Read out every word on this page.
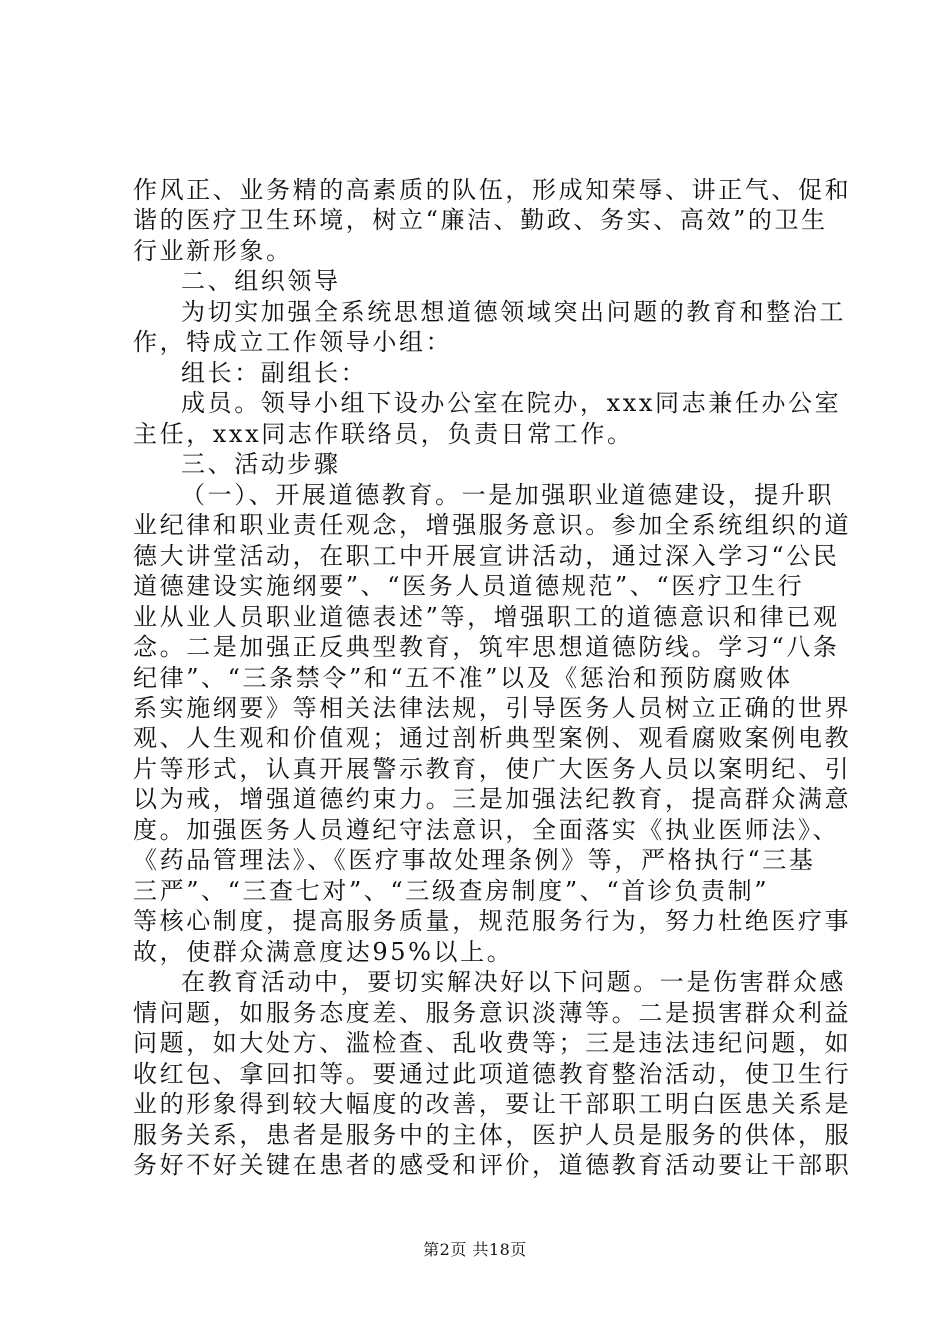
作风正、业务精的高素质的队伍，形成知荣辱、讲正气、促和
谐的医疗卫生环境，树立“廉洁、勤政、务实、高效”的卫生
行业新形象。
二、组织领导
为切实加强全系统思想道德领域突出问题的教育和整治工
作，特成立工作领导小组：
组长：副组长：
成员。领导小组下设办公室在院办，xxx同志兼任办公室
主任，xxx同志作联络员，负责日常工作。
三、活动步骤
（一）、开展道德教育。一是加强职业道德建设，提升职
业纪律和职业责任观念，增强服务意识。参加全系统组织的道
德大讲堂活动，在职工中开展宣讲活动，通过深入学习“公民
道德建设实施纲要”、“医务人员道德规范”、“医疗卫生行
业从业人员职业道德表述”等，增强职工的道德意识和律已观
念。二是加强正反典型教育，筑牢思想道德防线。学习“八条
纪律”、“三条禁令”和“五不准”以及《惩治和预防腐败体
系实施纲要》等相关法律法规，引导医务人员树立正确的世界
观、人生观和价值观；通过剖析典型案例、观看腐败案例电教
片等形式，认真开展警示教育，使广大医务人员以案明纪、引
以为戒，增强道德约束力。三是加强法纪教育，提高群众满意
度。加强医务人员遵纪守法意识，全面落实《执业医师法》、
《药品管理法》、《医疗事故处理条例》等，严格执行“三基
三严”、“三查七对”、“三级查房制度”、“首诊负责制”
等核心制度，提高服务质量，规范服务行为，努力杜绝医疗事
故，使群众满意度达95%以上。
在教育活动中，要切实解决好以下问题。一是伤害群众感
情问题，如服务态度差、服务意识淡薄等。二是损害群众利益
问题，如大处方、滥检查、乱收费等；三是违法违纪问题，如
收红包、拿回扣等。要通过此项道德教育整治活动，使卫生行
业的形象得到较大幅度的改善，要让干部职工明白医患关系是
服务关系，患者是服务中的主体，医护人员是服务的供体，服
务好不好关键在患者的感受和评价，道德教育活动要让干部职
第2页 共18页
